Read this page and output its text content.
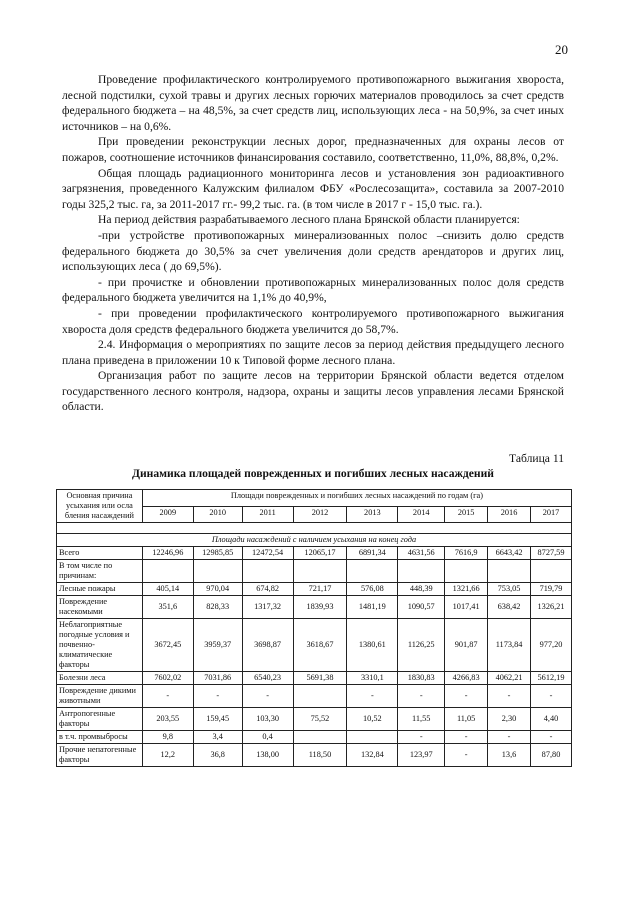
20

Проведение профилактического контролируемого противопожарного выжигания хвороста, лесной подстилки, сухой травы и других лесных горючих материалов проводилось за счет средств федерального бюджета – на 48,5%, за счет средств лиц, использующих леса - на 50,9%, за счет иных источников – на 0,6%.

При проведении реконструкции лесных дорог, предназначенных для охраны лесов от пожаров, соотношение источников финансирования составило, соответственно, 11,0%, 88,8%, 0,2%.

Общая площадь радиационного мониторинга лесов и установления зон радиоактивного загрязнения, проведенного Калужским филиалом ФБУ «Рослесозащита», составила за 2007-2010 годы 325,2 тыс. га, за 2011-2017 гг.- 99,2 тыс. га. (в том числе в 2017 г - 15,0 тыс. га.).

На период действия разрабатываемого лесного плана Брянской области планируется:

-при устройстве противопожарных минерализованных полос –снизить долю средств федерального бюджета до 30,5% за счет увеличения доли средств арендаторов и других лиц, использующих леса ( до 69,5%).

- при прочистке и обновлении противопожарных минерализованных полос доля средств федерального бюджета увеличится на 1,1% до 40,9%,

- при проведении профилактического контролируемого противопожарного выжигания хвороста доля средств федерального бюджета увеличится до 58,7%.

2.4. Информация о мероприятиях по защите лесов за период действия предыдущего лесного плана приведена в приложении 10 к Типовой форме лесного плана.

Организация работ по защите лесов на территории Брянской области ведется отделом государственного лесного контроля, надзора, охраны и защиты лесов управления лесами Брянской области.

Таблица 11
Динамика площадей поврежденных и погибших лесных насаждений
Основная причина усыхания или осла бления насаждений	Площади поврежденных и погибших лесных насаждений по годам (га)								
	2009	2010	2011	2012	2013	2014	2015	2016	2017

Площади насаждений с наличием усыхания на конец года									
Всего	12246,96	12985,85	12472,54	12065,17	6891,34	4631,56	7616,9	6643,42	8727,59
В том числе по причинам:									
Лесные пожары	405,14	970,04	674,82	721,17	576,08	448,39	1321,66	753,05	719,79
Повреждение насекомыми	351,6	828,33	1317,32	1839,93	1481,19	1090,57	1017,41	638,42	1326,21
Неблагоприятные погодные условия и почвенно-климатические факторы	3672,45	3959,37	3698,87	3618,67	1380,61	1126,25	901,87	1173,84	977,20
Болезни леса	7602,02	7031,86	6540,23	5691,38	3310,1	1830,83	4266,83	4062,21	5612,19
Повреждение дикими животными	-	-	-		-	-	-	-	-
Антропогенные факторы	203,55	159,45	103,30	75,52	10,52	11,55	11,05	2,30	4,40
в т.ч. промвыбросы	9,8	3,4	0,4			-	-	-	-
Прочие непатогенные факторы	12,2	36,8	138,00	118,50	132,84	123,97	-	13,6	87,80
